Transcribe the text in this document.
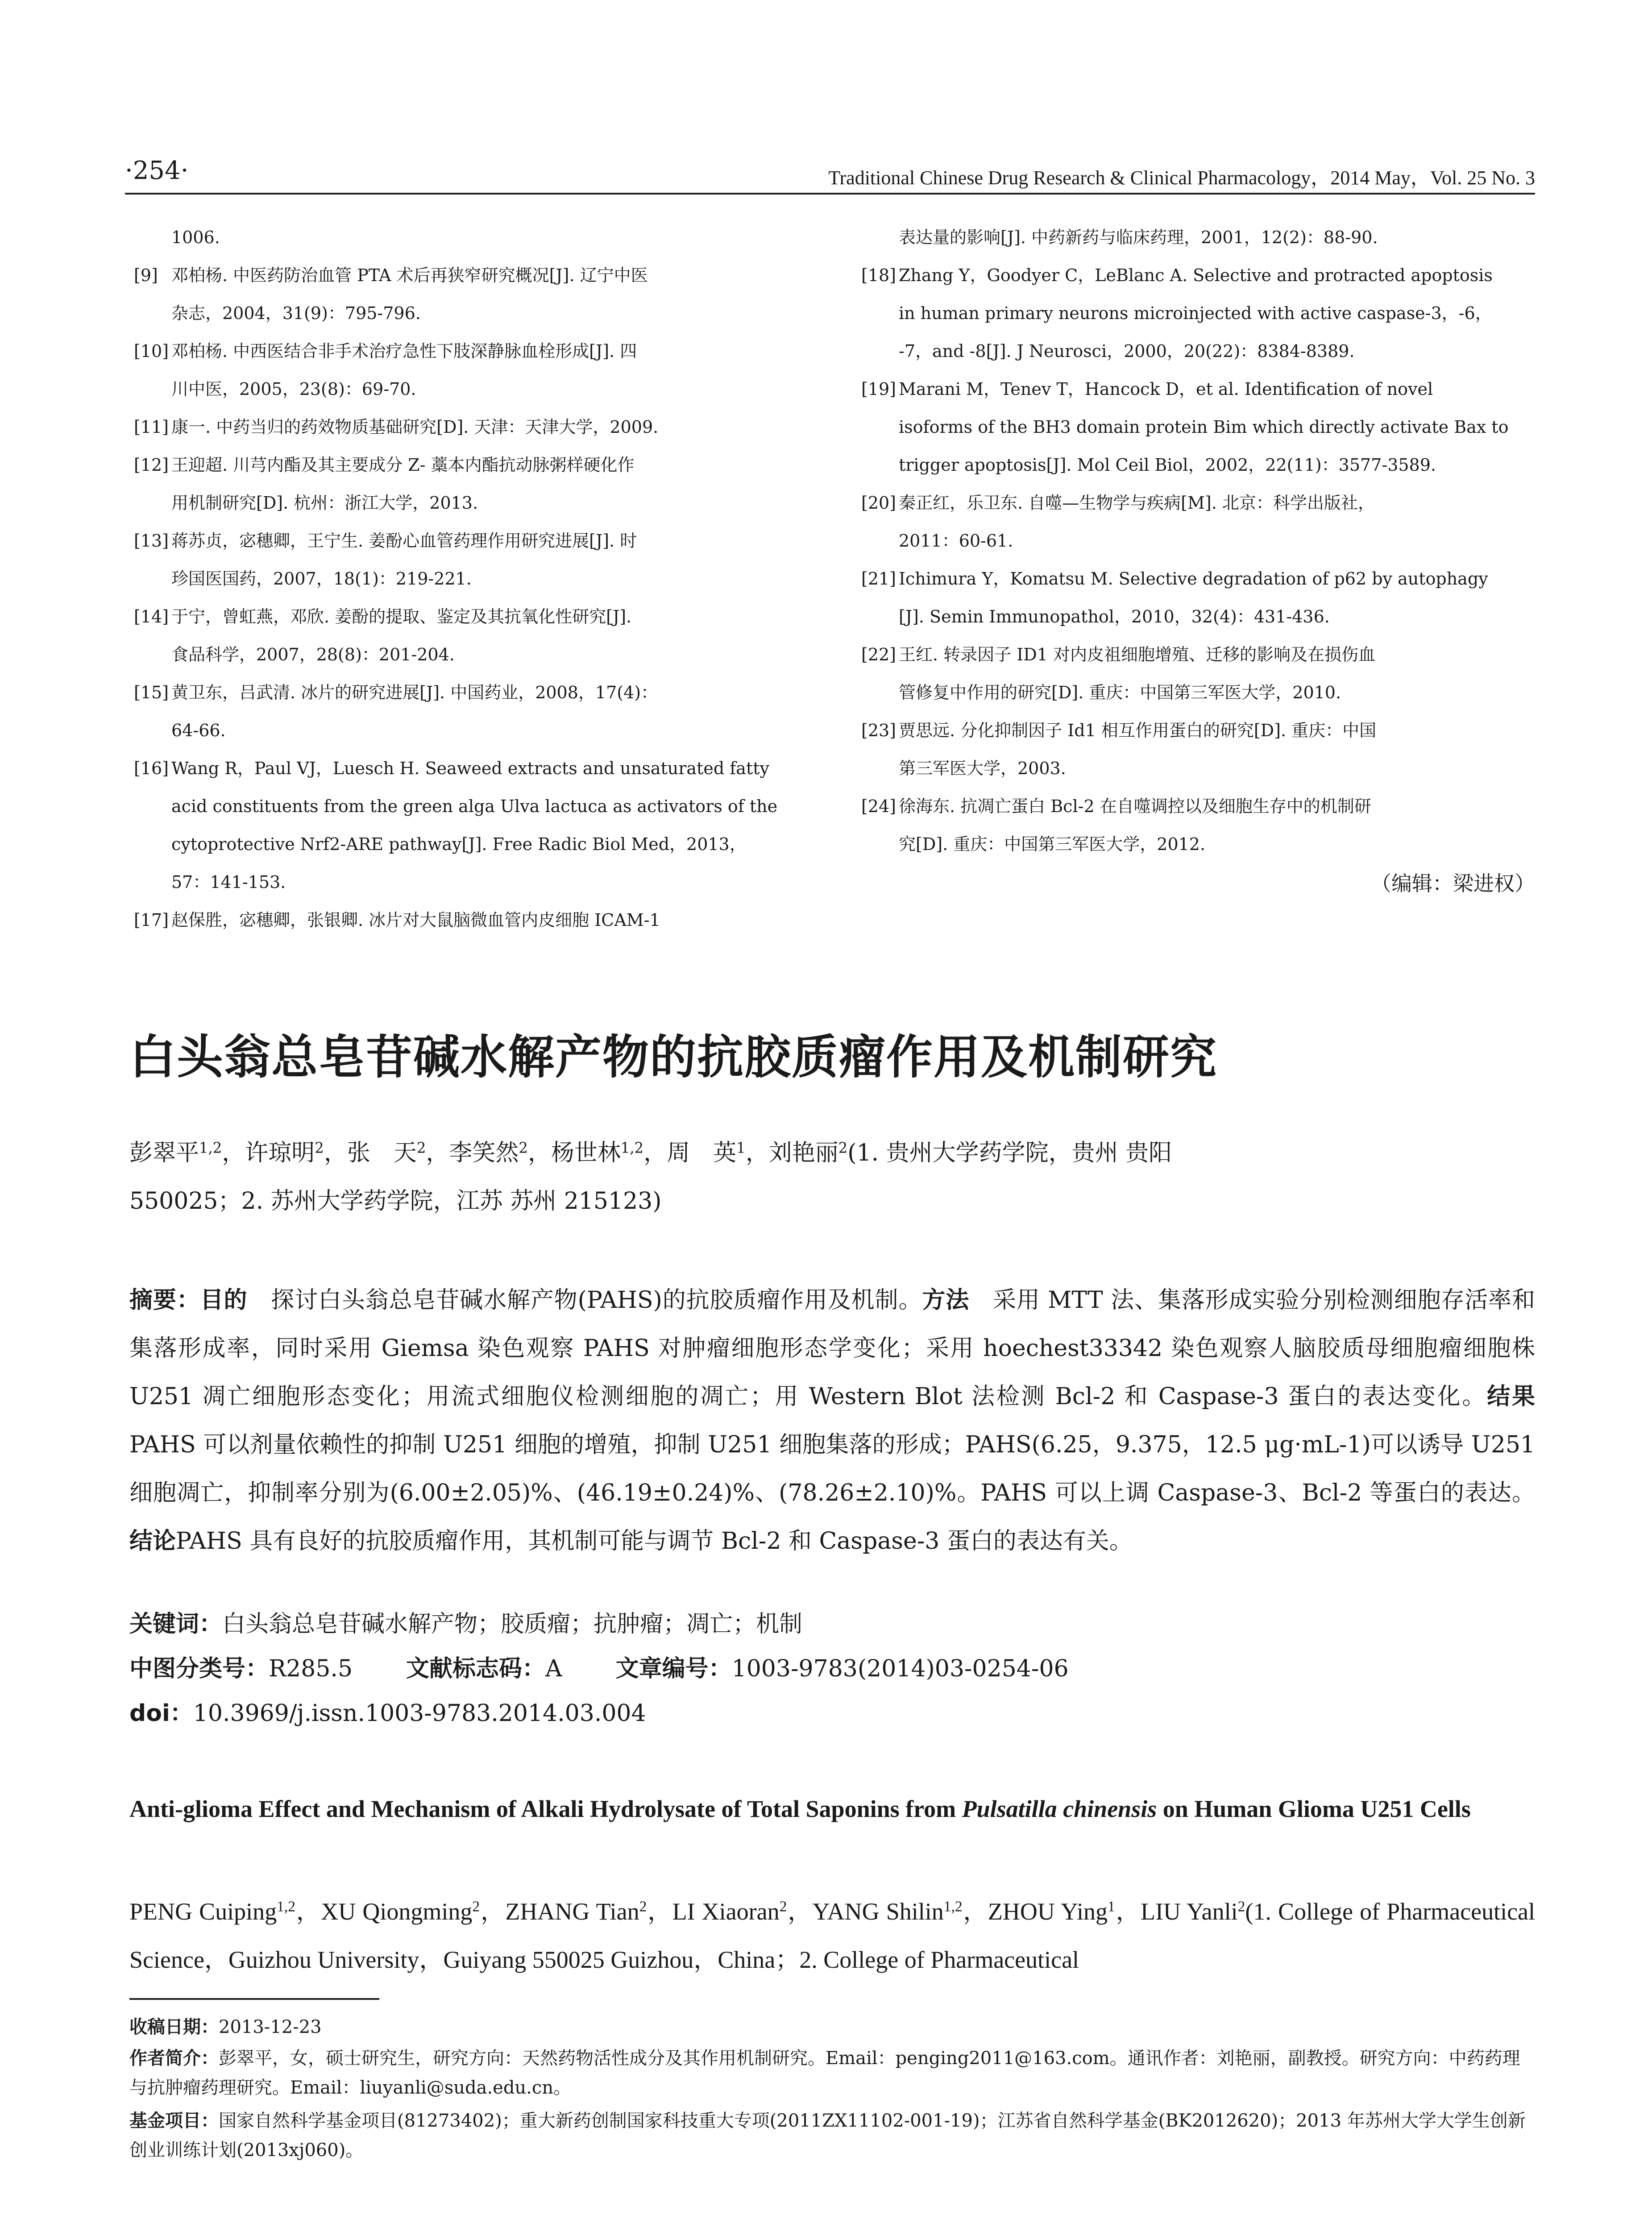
·254·	Traditional Chinese Drug Research & Clinical Pharmacology，2014 May，Vol. 25 No. 3
1006.
[9] 邓柏杨. 中医药防治血管 PTA 术后再狭窄研究概况[J]. 辽宁中医
杂志，2004，31(9)：795-796.
[10] 邓柏杨. 中西医结合非手术治疗急性下肢深静脉血栓形成[J]. 四
川中医，2005，23(8)：69-70.
[11] 康一. 中药当归的药效物质基础研究[D]. 天津：天津大学，2009.
[12] 王迎超. 川芎内酯及其主要成分 Z- 藁本内酯抗动脉粥样硬化作
用机制研究[D]. 杭州：浙江大学，2013.
[13] 蒋苏贞，宓穗卿，王宁生. 姜酚心血管药理作用研究进展[J]. 时
珍国医国药，2007，18(1)：219-221.
[14] 于宁，曾虹燕，邓欣. 姜酚的提取、鉴定及其抗氧化性研究[J].
食品科学，2007，28(8)：201-204.
[15] 黄卫东，吕武清. 冰片的研究进展[J]. 中国药业，2008，17(4)：
64-66.
[16] Wang R，Paul VJ，Luesch H. Seaweed extracts and unsaturated fatty
acid constituents from the green alga Ulva lactuca as activators of the
cytoprotective Nrf2-ARE pathway[J]. Free Radic Biol Med，2013，
57：141-153.
[17] 赵保胜，宓穗卿，张银卿. 冰片对大鼠脑微血管内皮细胞 ICAM-1
表达量的影响[J]. 中药新药与临床药理，2001，12(2)：88-90.
[18] Zhang Y，Goodyer C，LeBlanc A. Selective and protracted apoptosis
in human primary neurons microinjected with active caspase-3，-6，
-7，and -8[J]. J Neurosci，2000，20(22)：8384-8389.
[19] Marani M，Tenev T，Hancock D，et al. Identification of novel
isoforms of the BH3 domain protein Bim which directly activate Bax to
trigger apoptosis[J]. Mol Ceil Biol，2002，22(11)：3577-3589.
[20] 秦正红，乐卫东. 自噬—生物学与疾病[M]. 北京：科学出版社，
2011：60-61.
[21] Ichimura Y，Komatsu M. Selective degradation of p62 by autophagy
[J]. Semin Immunopathol，2010，32(4)：431-436.
[22] 王红. 转录因子 ID1 对内皮祖细胞增殖、迁移的影响及在损伤血
管修复中作用的研究[D]. 重庆：中国第三军医大学，2010.
[23] 贾思远. 分化抑制因子 Id1 相互作用蛋白的研究[D]. 重庆：中国
第三军医大学，2003.
[24] 徐海东. 抗凋亡蛋白 Bcl-2 在自噬调控以及细胞生存中的机制研
究[D]. 重庆：中国第三军医大学，2012.
（编辑：梁进权）
白头翁总皂苷碱水解产物的抗胶质瘤作用及机制研究
彭翠平$^{1,2}$，许琼明$^2$，张　天$^2$，李笑然$^2$，杨世林$^{1,2}$，周　英$^1$，刘艳丽$^2$(1. 贵州大学药学院，贵州 贵阳
550025；2. 苏州大学药学院，江苏 苏州 215123)
摘要：目的　 探讨白头翁总皂苷碱水解产物(PAHS)的抗胶质瘤作用及机制。方法　 采用 MTT 法、集落形成实验分别检测细胞存活率和集落形成率，同时采用 Giemsa 染色观察 PAHS 对肿瘤细胞形态学变化；采用 hoechest33342 染色观察人脑胶质母细胞瘤细胞株 U251 凋亡细胞形态变化；用流式细胞仪检测细胞的凋亡；用 Western Blot 法检测 Bcl-2 和 Caspase-3 蛋白的表达变化。结果　PAHS 可以剂量依赖性的抑制 U251 细胞的增殖，抑制 U251 细胞集落的形成；PAHS(6.25，9.375，12.5 μg·mL-1)可以诱导 U251 细胞凋亡，抑制率分别为(6.00±2.05)%、(46.19±0.24)%、(78.26±2.10)%。PAHS 可以上调 Caspase-3、Bcl-2 等蛋白的表达。结论PAHS 具有良好的抗胶质瘤作用，其机制可能与调节 Bcl-2 和 Caspase-3 蛋白的表达有关。
关键词：白头翁总皂苷碱水解产物；胶质瘤；抗肿瘤；凋亡；机制
中图分类号：R285.5 文献标志码：A 文章编号：1003-9783(2014)03-0254-06
doi：10.3969/j.issn.1003-9783.2014.03.004
Anti-glioma Effect and Mechanism of Alkali Hydrolysate of Total Saponins from Pulsatilla chinensis on Human Glioma U251 Cells
PENG Cuiping$^{1,2}$，XU Qiongming$^2$，ZHANG Tian$^2$，LI Xiaoran$^2$，YANG Shilin$^{1,2}$，ZHOU Ying$^1$，LIU Yanli$^2$(1. College of Pharmaceutical Science，Guizhou University，Guiyang 550025 Guizhou，China；2. College of Pharmaceutical
收稿日期：2013-12-23
作者简介：彭翠平，女，硕士研究生，研究方向：天然药物活性成分及其作用机制研究。Email：penging2011@163.com。通讯作者：刘艳丽，副教授。研究方向：中药药理与抗肿瘤药理研究。Email：liuyanli@suda.edu.cn。
基金项目：国家自然科学基金项目(81273402)；重大新药创制国家科技重大专项(2011ZX11102-001-19)；江苏省自然科学基金(BK2012620)；2013 年苏州大学大学生创新创业训练计划(2013xj060)。
